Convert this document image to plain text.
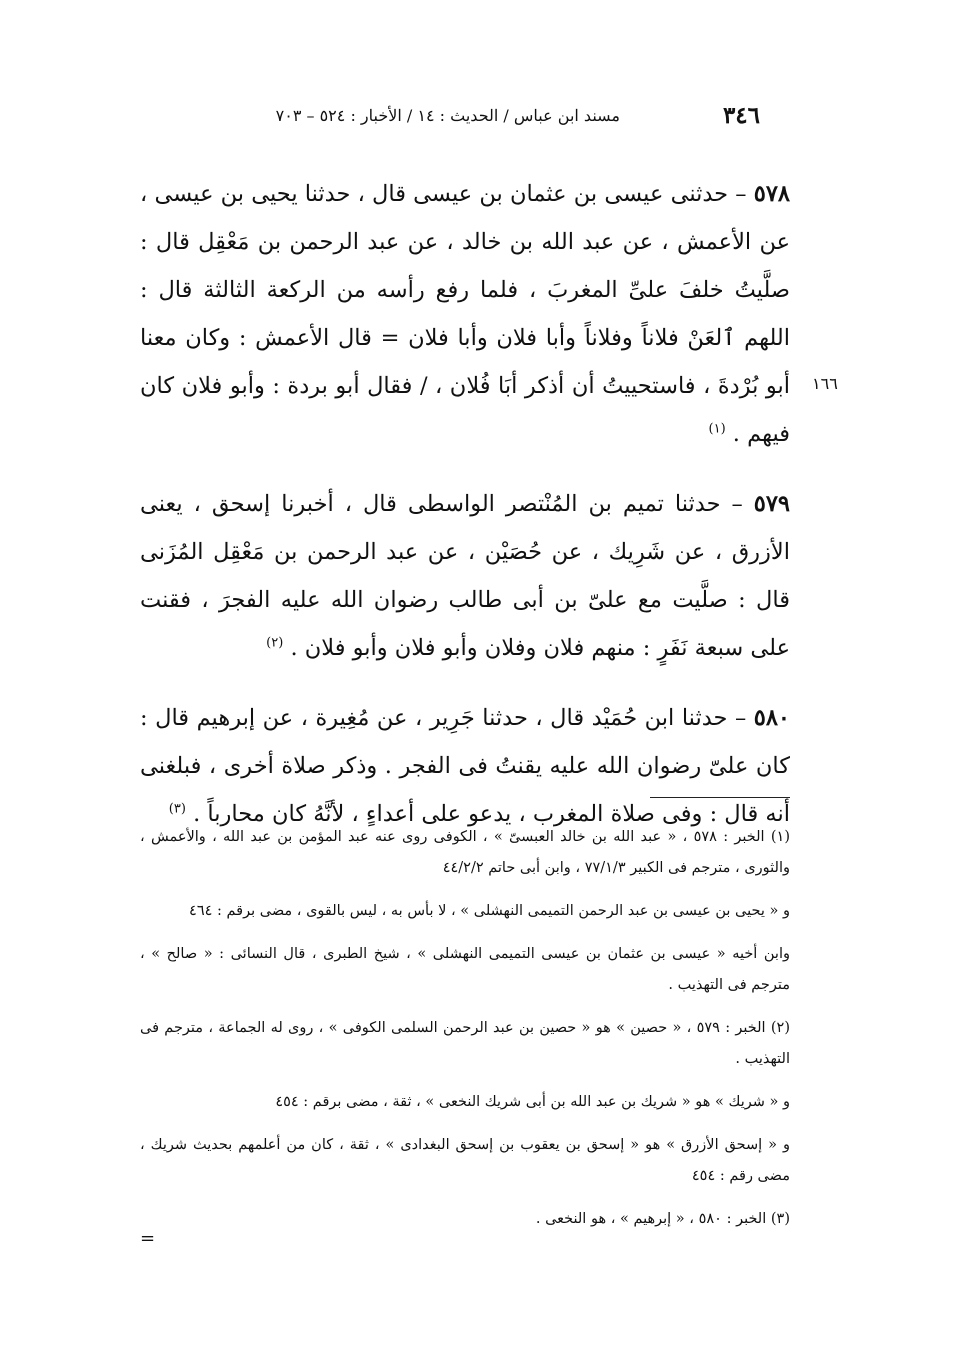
٣٤٦
مسند ابن عباس / الحديث : ١٤ / الأخبار : ٥٢٤ – ٧٠٣
١٦٦

٥٧٨ – حدثنى عيسى بن عثمان بن عيسى قال ، حدثنا يحيى بن عيسى ، عن الأعمش ، عن عبد الله بن خالد ، عن عبد الرحمن بن مَعْقِل قال : صلَّيتُ خلفَ علىِّ المغربَ ، فلما رفع رأسه من الركعة الثالثة قال : اللهم ٱلعَنْ فلاناً وفلاناً وأبا فلان وأبا فلان = قال الأعمش : وكان معنا أبو بُرْدةَ ، فاستحييتُ أن أذكر أبَا فُلان ، / فقال أبو بردة : وأبو فلان كان فيهم . $^{(١)}$

٥٧٩ – حدثنا تميم بن المُنْتصر الواسطى قال ، أخبرنا إسحق ، يعنى الأزرق ، عن شَرِيك ، عن حُصَيْن ، عن عبد الرحمن بن مَعْقِل المُزَنى قال : صلَّيت مع علىّ بن أبى طالب رضوان الله عليه الفجرَ ، فقنت على سبعة نَفَرٍ : منهم فلان وفلان وأبو فلان وأبو فلان . $^{(٢)}$

٥٨٠ – حدثنا ابن حُمَيْد قال ، حدثنا جَرِير ، عن مُغِيرة ، عن إبرهيم قال : كان علىّ رضوان الله عليه يقنتُ فى الفجر . وذكر صلاة أخرى ، فبلغنى أنه قال : وفى صلاة المغرب ، يدعو على أعداءٍ ، لأنَّهُ كان محارباً . $^{(٣)}$

(١) الخبر : ٥٧٨ ، « عبد الله بن خالد العبسىّ » ، الكوفى روى عنه عبد المؤمن بن عبد الله ، والأعمش ، والثورى ، مترجم فى الكبير ٧٧/١/٣ ، وابن أبى حاتم ٤٤/٢/٢

و « يحيى بن عيسى بن عبد الرحمن التميمى النهشلى » ، لا بأس به ، ليس بالقوى ، مضى برقم : ٤٦٤

وابن أخيه « عيسى بن عثمان بن عيسى التميمى النهشلى » ، شيخ الطبرى ، قال النسائى : « صالح » ، مترجم فى التهذيب .

(٢) الخبر : ٥٧٩ ، « حصين » هو « حصين بن عبد الرحمن السلمى الكوفى » ، روى له الجماعة ، مترجم فى التهذيب .

و « شريك » هو « شريك بن عبد الله بن أبى شريك النخعى » ، ثقة ، مضى برقم : ٤٥٤

و « إسحق الأزرق » هو « إسحق بن يعقوب بن إسحق البغدادى » ، ثقة ، كان من أعلمهم بحديث شريك ، مضى رقم : ٤٥٤

(٣) الخبر : ٥٨٠ ، « إبرهيم » ، هو النخعى .

=
